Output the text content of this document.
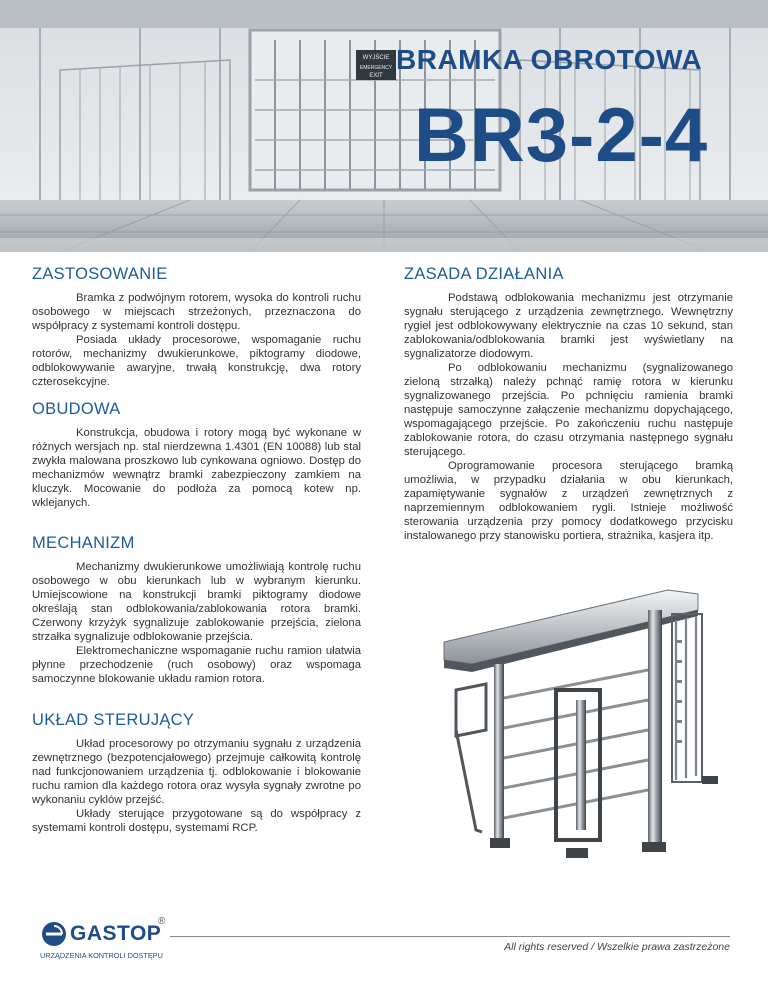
WYJŚCIE
EMERGENCY
EXIT
BRAMKA OBROTOWA
BR3-2-4
ZASTOSOWANIE

Bramka z podwójnym rotorem, wysoka do kontroli ruchu osobowego w miejscach strzeżonych, przeznaczona do współpracy z systemami kontroli dostępu.

Posiada układy procesorowe, wspomaganie ruchu rotorów, mechanizmy dwukierunkowe, piktogramy diodowe, odblokowywanie awaryjne, trwałą konstrukcję, dwa rotory czterosekcyjne.

OBUDOWA

Konstrukcja, obudowa i rotory mogą być wykonane w różnych wersjach np. stal nierdzewna 1.4301 (EN 10088) lub stal zwykła malowana proszkowo lub cynkowana ogniowo. Dostęp do mechanizmów wewnątrz bramki zabezpieczony zamkiem na kluczyk. Mocowanie do podłoża za pomocą kotew np. wklejanych.

MECHANIZM

Mechanizmy dwukierunkowe umożliwiają kontrolę ruchu osobowego w obu kierunkach lub w wybranym kierunku. Umiejscowione na konstrukcji bramki piktogramy diodowe określają stan odblokowania/zablokowania rotora bramki. Czerwony krzyżyk sygnalizuje zablokowanie przejścia, zielona strzałka sygnalizuje odblokowanie przejścia.

Elektromechaniczne wspomaganie ruchu ramion ułatwia płynne przechodzenie (ruch osobowy) oraz wspomaga samoczynne blokowanie układu ramion rotora.

UKŁAD STERUJĄCY

Układ procesorowy po otrzymaniu sygnału z urządzenia zewnętrznego (bezpotencjałowego) przejmuje całkowitą kontrolę nad funkcjonowaniem urządzenia tj. odblokowanie i blokowanie ruchu ramion dla każdego rotora oraz wysyła sygnały zwrotne po wykonaniu cyklów przejść.

Układy sterujące przygotowane są do współpracy z systemami kontroli dostępu, systemami RCP.

ZASADA DZIAŁANIA

Podstawą odblokowania mechanizmu jest otrzymanie sygnału sterującego z urządzenia zewnętrznego. Wewnętrzny rygiel jest odblokowywany elektrycznie na czas 10 sekund, stan zablokowania/odblokowania bramki jest wyświetlany na sygnalizatorze diodowym.

Po odblokowaniu mechanizmu (sygnalizowanego zieloną strzałką) należy pchnąć ramię rotora w kierunku sygnalizowanego przejścia. Po pchnięciu ramienia bramki następuje samoczynne załączenie mechanizmu dopychającego, wspomagającego przejście. Po zakończeniu ruchu następuje zablokowanie rotora, do czasu otrzymania następnego sygnału sterującego.

Oprogramowanie procesora sterującego bramką umożliwia, w przypadku działania w obu kierunkach, zapamiętywanie sygnałów z urządzeń zewnętrznych z naprzemiennym odblokowaniem rygli. Istnieje możliwość sterowania urządzenia przy pomocy dodatkowego przycisku instalowanego przy stanowisku portiera, strażnika, kasjera itp.

GASTOP
®
URZĄDZENIA KONTROLI DOSTĘPU
All rights reserved / Wszelkie prawa zastrzeżone
